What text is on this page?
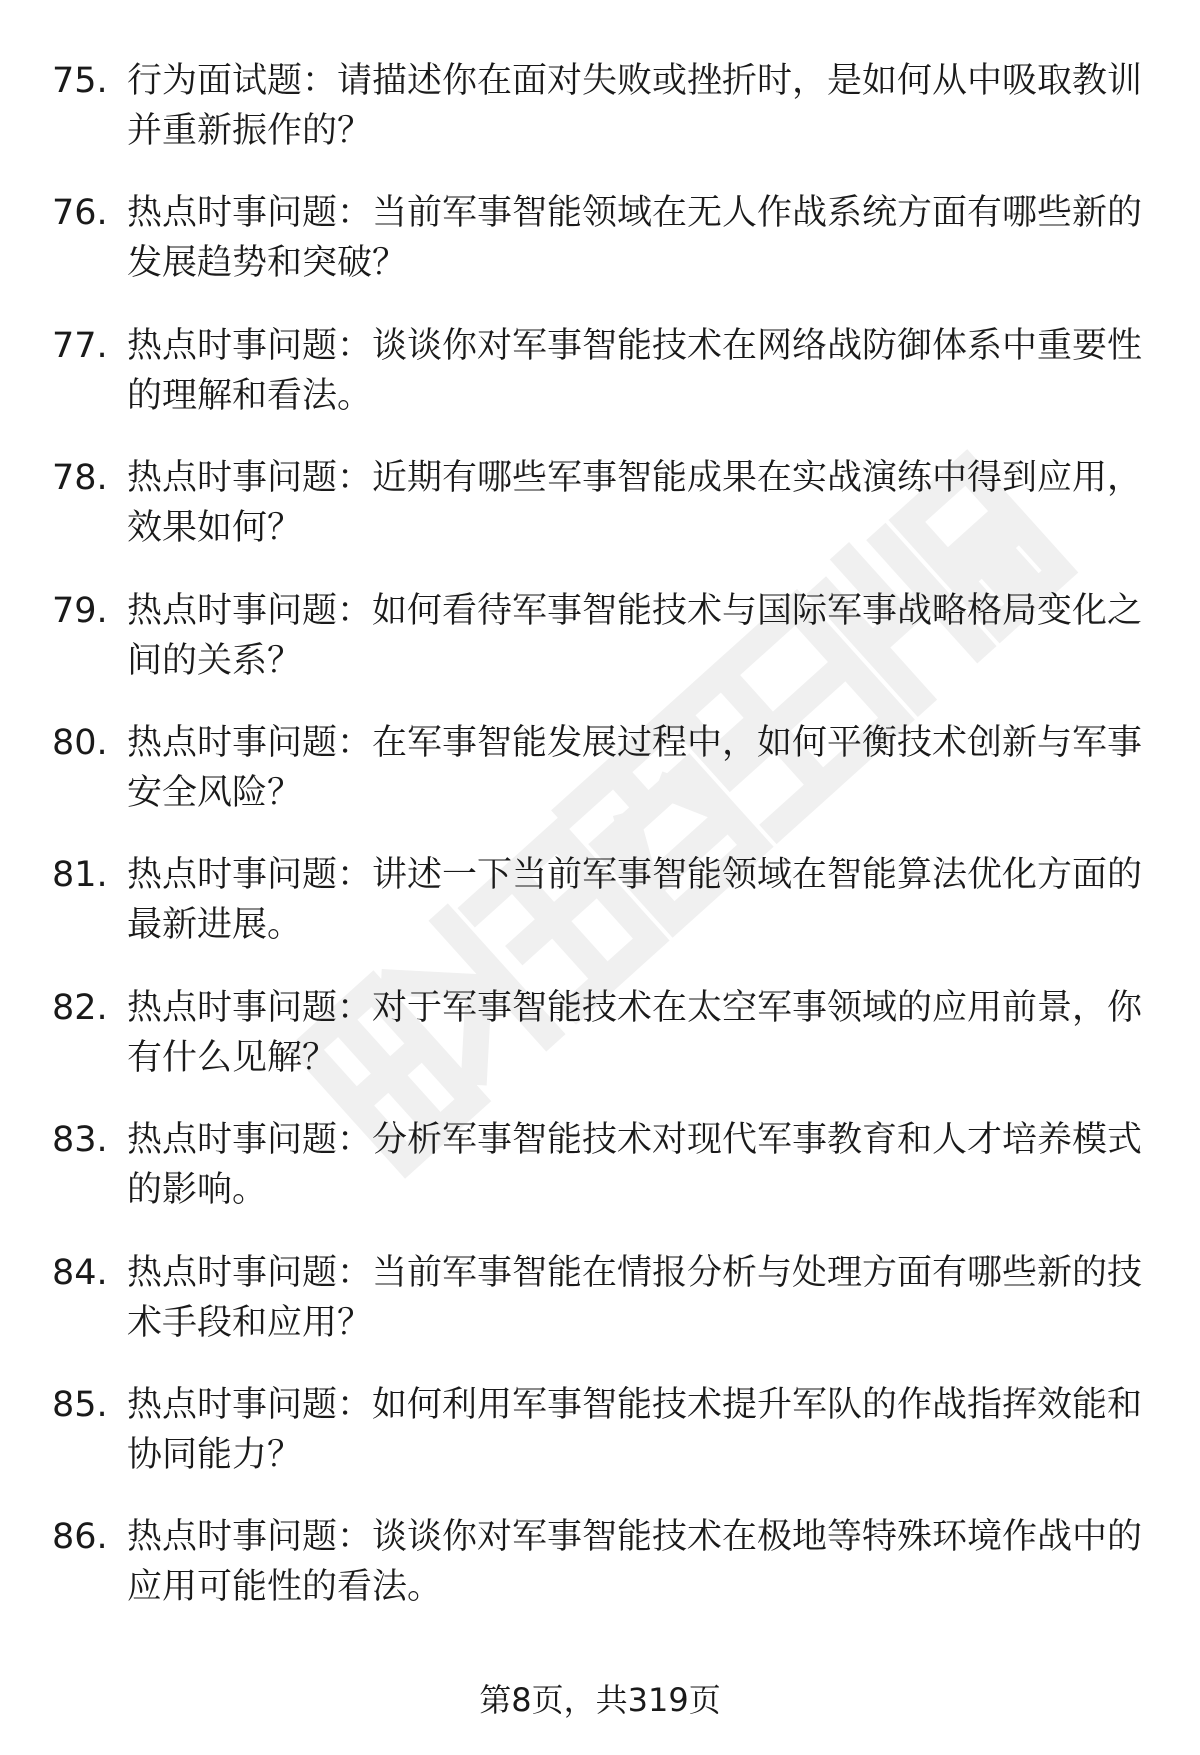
75. 行为面试题：请描述你在面对失败或挫折时，是如何从中吸取教训并重新振作的？
76. 热点时事问题：当前军事智能领域在无人作战系统方面有哪些新的发展趋势和突破？
77. 热点时事问题：谈谈你对军事智能技术在网络战防御体系中重要性的理解和看法。
78. 热点时事问题：近期有哪些军事智能成果在实战演练中得到应用，效果如何？
79. 热点时事问题：如何看待军事智能技术与国际军事战略格局变化之间的关系？
80. 热点时事问题：在军事智能发展过程中，如何平衡技术创新与军事安全风险？
81. 热点时事问题：讲述一下当前军事智能领域在智能算法优化方面的最新进展。
82. 热点时事问题：对于军事智能技术在太空军事领域的应用前景，你有什么见解？
83. 热点时事问题：分析军事智能技术对现代军事教育和人才培养模式的影响。
84. 热点时事问题：当前军事智能在情报分析与处理方面有哪些新的技术手段和应用？
85. 热点时事问题：如何利用军事智能技术提升军队的作战指挥效能和协同能力？
86. 热点时事问题：谈谈你对军事智能技术在极地等特殊环境作战中的应用可能性的看法。
第8页，共319页
